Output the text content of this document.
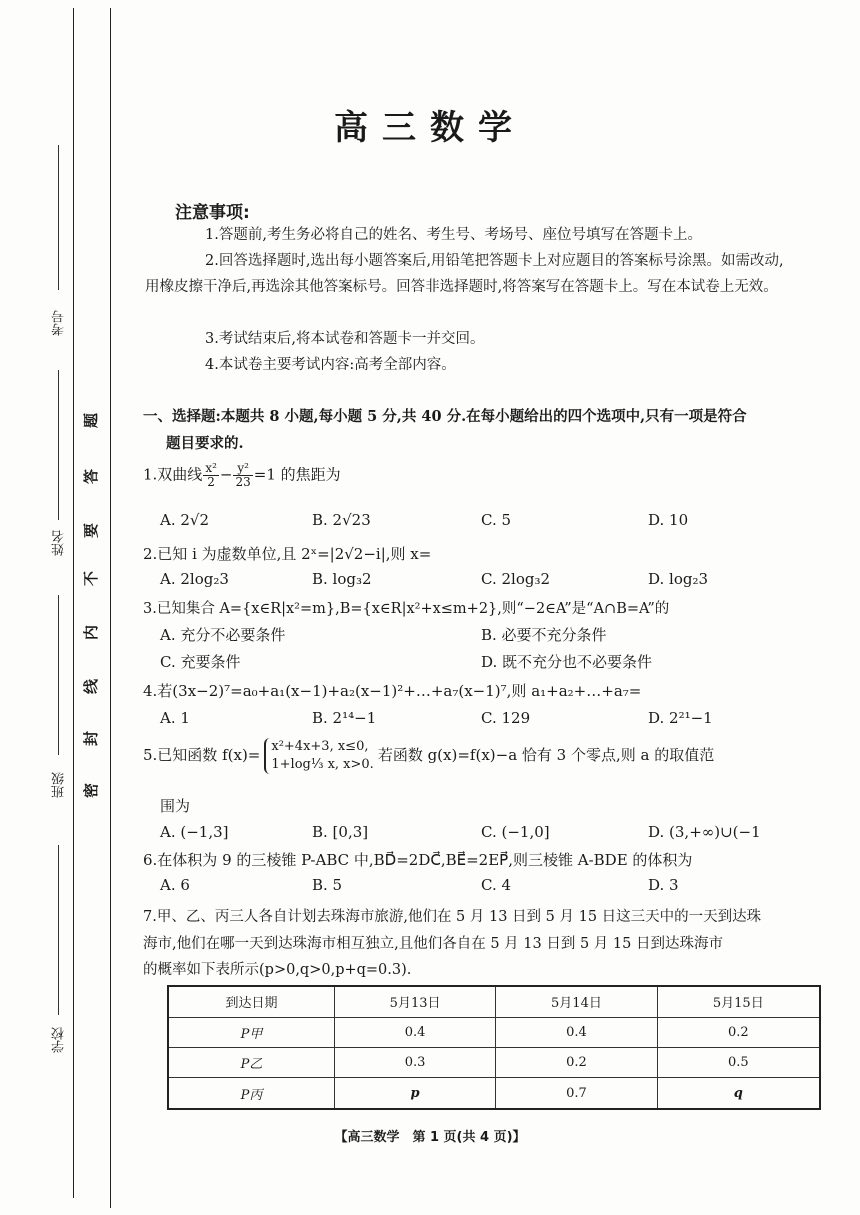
考号
姓名
班级
学校
题
答
要
不
内
线
封
密
高三数学
注意事项:
1.答题前,考生务必将自己的姓名、考生号、考场号、座位号填写在答题卡上。
2.回答选择题时,选出每小题答案后,用铅笔把答题卡上对应题目的答案标号涂黑。如需改动,用橡皮擦干净后,再选涂其他答案标号。回答非选择题时,将答案写在答题卡上。写在本试卷上无效。
3.考试结束后,将本试卷和答题卡一并交回。
4.本试卷主要考试内容:高考全部内容。
一、选择题:本题共 8 小题,每小题 5 分,共 40 分.在每小题给出的四个选项中,只有一项是符合
题目要求的.
1.双曲线 $\frac{\text{x²}}{2} - \frac{\text{y²}}{23} =1$ 的焦距为
A. 2√2	B. 2√23	C. 5	D. 10
2.已知 i 为虚数单位,且 2ˣ=|2√2−i|,则 x=
A. 2log₂3	B. log₃2	C. 2log₃2	D. log₂3
3.已知集合 A={x∈R|x²=m},B={x∈R|x²+x≤m+2},则“−2∈A”是“A∩B=A”的
A. 充分不必要条件	B. 必要不充分条件
C. 充要条件	D. 既不充分也不必要条件
4.若(3x−2)⁷=a₀+a₁(x−1)+a₂(x−1)²+…+a₇(x−1)⁷,则 a₁+a₂+…+a₇=
A. 1	B. 2¹⁴−1	C. 129	D. 2²¹−1
5.已知函数 f(x)= x²+4x+3, x≤0,
1+log⅓ x, x>0.
若函数 g(x)=f(x)−a 恰有 3 个零点,则 a 的取值范
围为
A. (−1,3]	B. [0,3]	C. (−1,0]	D. (3,+∞)∪(−1
6.在体积为 9 的三棱锥 P-ABC 中,BD⃗=2DC⃗,BE⃗=2EP⃗,则三棱锥 A-BDE 的体积为
A. 6	B. 5	C. 4	D. 3
7.甲、乙、丙三人各自计划去珠海市旅游,他们在 5 月 13 日到 5 月 15 日这三天中的一天到达珠
海市,他们在哪一天到达珠海市相互独立,且他们各自在 5 月 13 日到 5 月 15 日到达珠海市
的概率如下表所示(p>0,q>0,p+q=0.3).
到达日期	5月13日	5月14日	5月15日
P甲	0.4	0.4	0.2
P乙	0.3	0.2	0.5
P丙	p	0.7	q
【高三数学　第 1 页(共 4 页)】
